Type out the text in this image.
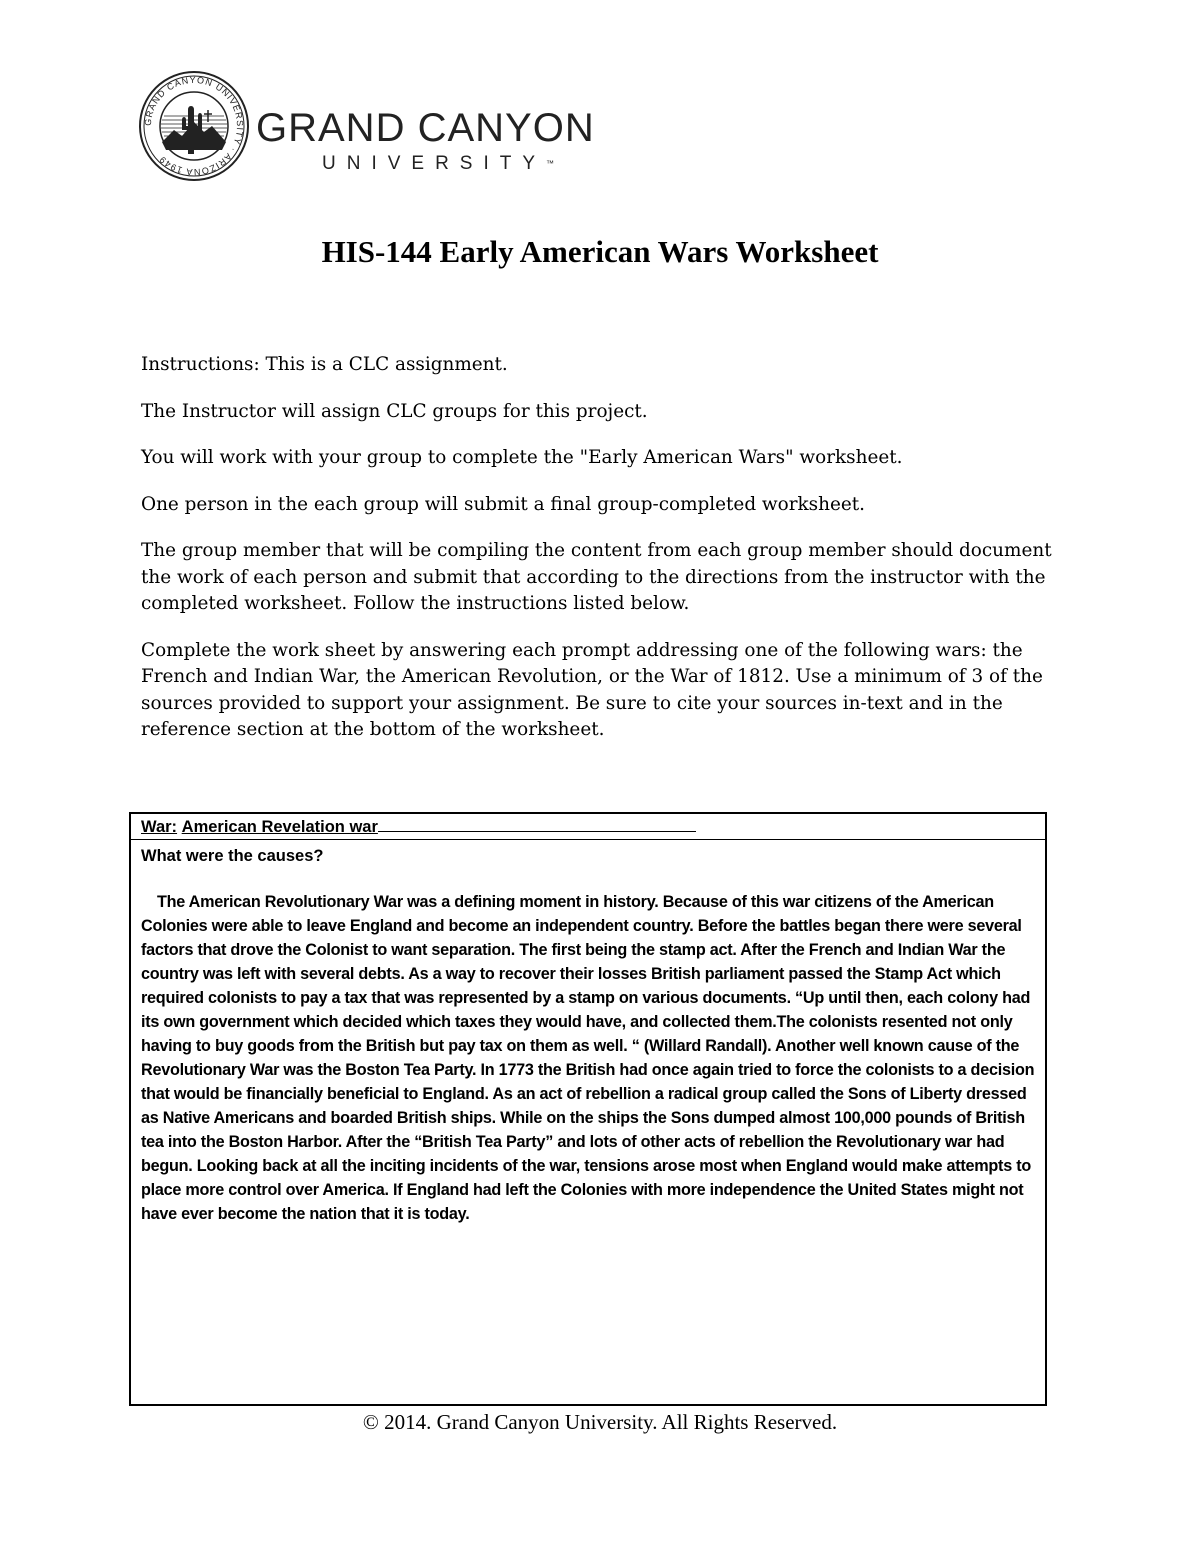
GRAND CANYON UNIVERSITY · ARIZONA 1949
GRAND CANYON
UNIVERSITY™
HIS-144 Early American Wars Worksheet

Instructions: This is a CLC assignment.

The Instructor will assign CLC groups for this project.

You will work with your group to complete the "Early American Wars" worksheet.

One person in the each group will submit a final group-completed worksheet.

The group member that will be compiling the content from each group member should document the work of each person and submit that according to the directions from the instructor with the completed worksheet. Follow the instructions listed below.

Complete the work sheet by answering each prompt addressing one of the following wars: the French and Indian War, the American Revolution, or the War of 1812. Use a minimum of 3 of the sources provided to support your assignment. Be sure to cite your sources in-text and in the reference section at the bottom of the worksheet.

War: American Revelation war
What were the causes?
The American Revolutionary War was a defining moment in history. Because of this war citizens of the American Colonies were able to leave England and become an independent country. Before the battles began there were several factors that drove the Colonist to want separation. The first being the stamp act. After the French and Indian War the country was left with several debts. As a way to recover their losses British parliament passed the Stamp Act which required colonists to pay a tax that was represented by a stamp on various documents. “Up until then, each colony had its own government which decided which taxes they would have, and collected them.The colonists resented not only having to buy goods from the British but pay tax on them as well. “ (Willard Randall). Another well known cause of the Revolutionary War was the Boston Tea Party. In 1773 the British had once again tried to force the colonists to a decision that would be financially beneficial to England. As an act of rebellion a radical group called the Sons of Liberty dressed as Native Americans and boarded British ships. While on the ships the Sons dumped almost 100,000 pounds of British tea into the Boston Harbor. After the “British Tea Party” and lots of other acts of rebellion the Revolutionary war had begun. Looking back at all the inciting incidents of the war, tensions arose most when England would make attempts to place more control over America. If England had left the Colonies with more independence the United States might not have ever become the nation that it is today.
© 2014. Grand Canyon University. All Rights Reserved.
